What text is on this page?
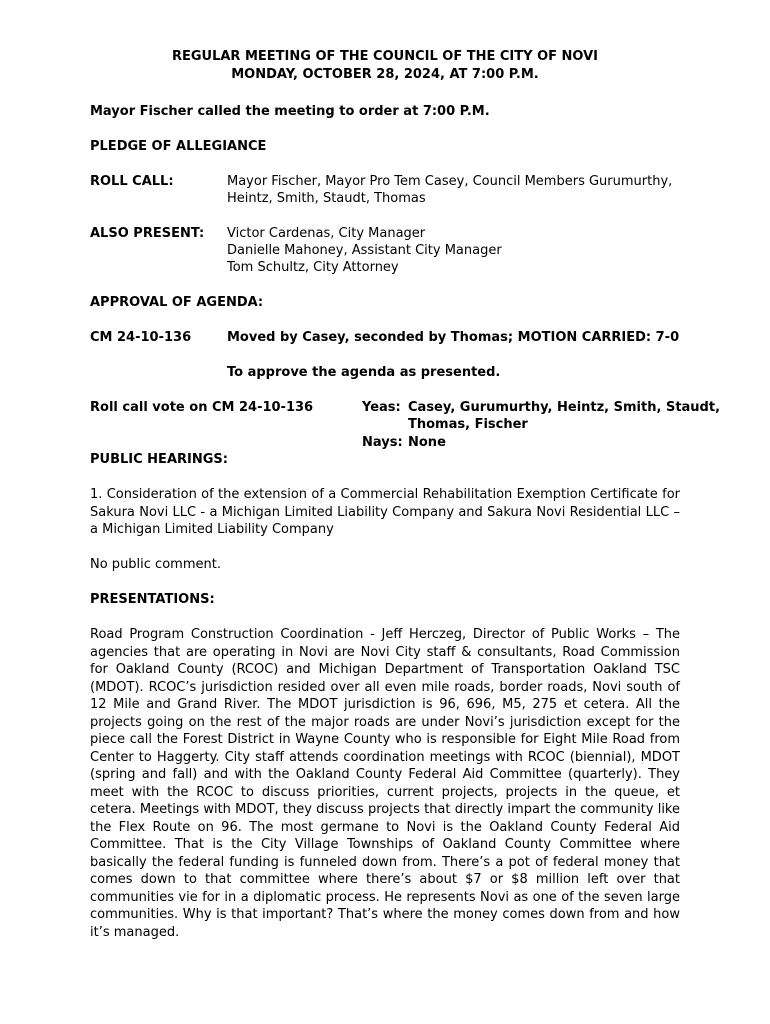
REGULAR MEETING OF THE COUNCIL OF THE CITY OF NOVI
MONDAY, OCTOBER 28, 2024, AT 7:00 P.M.
Mayor Fischer called the meeting to order at 7:00 P.M.
PLEDGE OF ALLEGIANCE
ROLL CALL:	Mayor Fischer, Mayor Pro Tem Casey, Council Members Gurumurthy,
Heintz, Smith, Staudt, Thomas
ALSO PRESENT: Victor Cardenas, City Manager
Danielle Mahoney, Assistant City Manager
Tom Schultz, City Attorney
APPROVAL OF AGENDA:
CM 24-10-136	Moved by Casey, seconded by Thomas; MOTION CARRIED: 7-0
To approve the agenda as presented.
Roll call vote on CM 24-10-136	Yeas: Casey, Gurumurthy, Heintz, Smith, Staudt,
Thomas, Fischer
Nays: None
PUBLIC HEARINGS:

1. Consideration of the extension of a Commercial Rehabilitation Exemption Certificate for Sakura Novi LLC - a Michigan Limited Liability Company and Sakura Novi Residential LLC – a Michigan Limited Liability Company

No public comment.
PRESENTATIONS:

Road Program Construction Coordination - Jeff Herczeg, Director of Public Works – The agencies that are operating in Novi are Novi City staff & consultants, Road Commission for Oakland County (RCOC) and Michigan Department of Transportation Oakland TSC (MDOT). RCOC’s jurisdiction resided over all even mile roads, border roads, Novi south of 12 Mile and Grand River. The MDOT jurisdiction is 96, 696, M5, 275 et cetera. All the projects going on the rest of the major roads are under Novi’s jurisdiction except for the piece call the Forest District in Wayne County who is responsible for Eight Mile Road from Center to Haggerty. City staff attends coordination meetings with RCOC (biennial), MDOT (spring and fall) and with the Oakland County Federal Aid Committee (quarterly). They meet with the RCOC to discuss priorities, current projects, projects in the queue, et cetera. Meetings with MDOT, they discuss projects that directly impart the community like the Flex Route on 96. The most germane to Novi is the Oakland County Federal Aid Committee. That is the City Village Townships of Oakland County Committee where basically the federal funding is funneled down from. There’s a pot of federal money that comes down to that committee where there’s about $7 or $8 million left over that communities vie for in a diplomatic process. He represents Novi as one of the seven large communities. Why is that important? That’s where the money comes down from and how it’s managed.
